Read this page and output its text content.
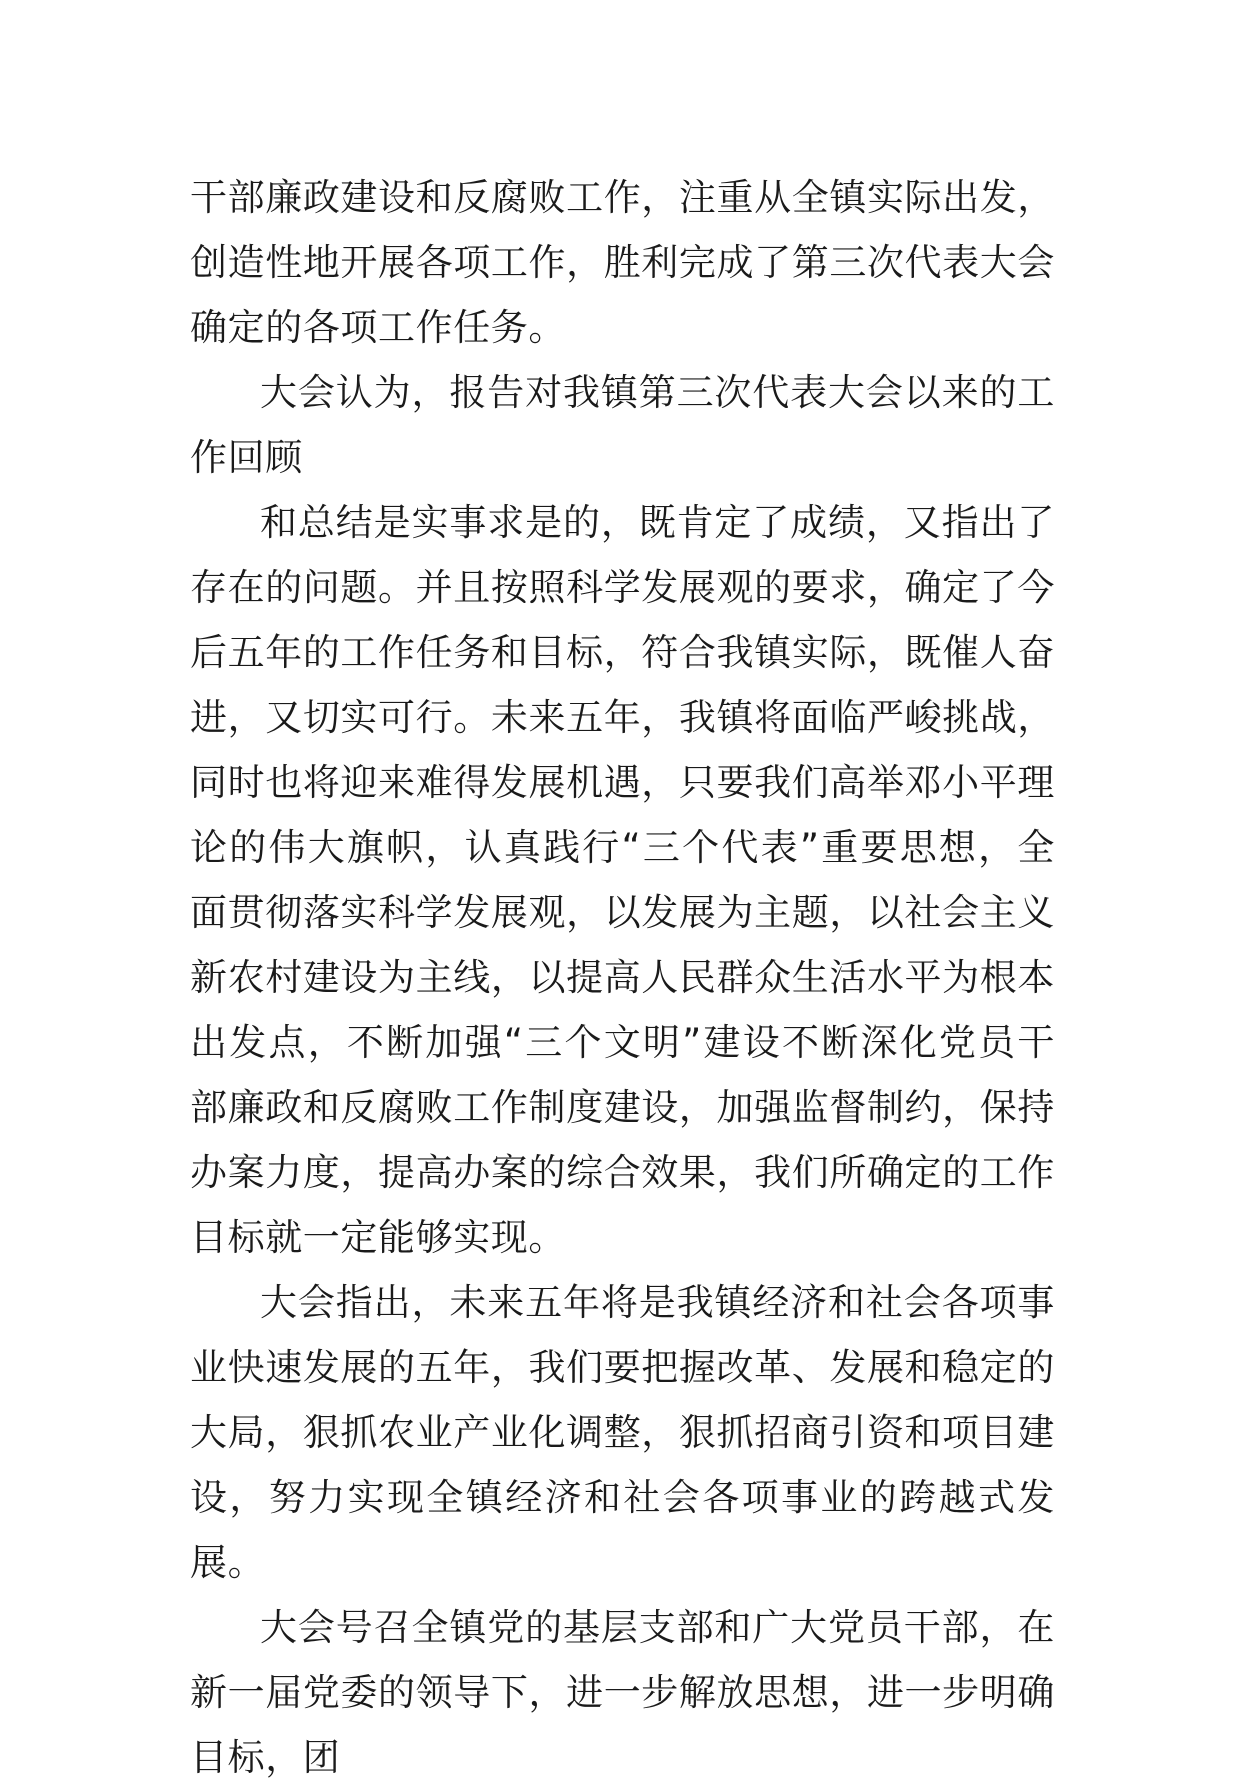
干部廉政建设和反腐败工作，注重从全镇实际出发，创造性地开展各项工作，胜利完成了第三次代表大会确定的各项工作任务。

大会认为，报告对我镇第三次代表大会以来的工作回顾

和总结是实事求是的，既肯定了成绩，又指出了存在的问题。并且按照科学发展观的要求，确定了今后五年的工作任务和目标，符合我镇实际，既催人奋进，又切实可行。未来五年，我镇将面临严峻挑战，同时也将迎来难得发展机遇，只要我们高举邓小平理论的伟大旗帜，认真践行“三个代表”重要思想，全面贯彻落实科学发展观，以发展为主题，以社会主义新农村建设为主线，以提高人民群众生活水平为根本出发点，不断加强“三个文明”建设不断深化党员干部廉政和反腐败工作制度建设，加强监督制约，保持办案力度，提高办案的综合效果，我们所确定的工作目标就一定能够实现。

大会指出，未来五年将是我镇经济和社会各项事业快速发展的五年，我们要把握改革、发展和稳定的大局，狠抓农业产业化调整，狠抓招商引资和项目建设，努力实现全镇经济和社会各项事业的跨越式发展。

大会号召全镇党的基层支部和广大党员干部，在新一届党委的领导下，进一步解放思想，进一步明确目标，团
